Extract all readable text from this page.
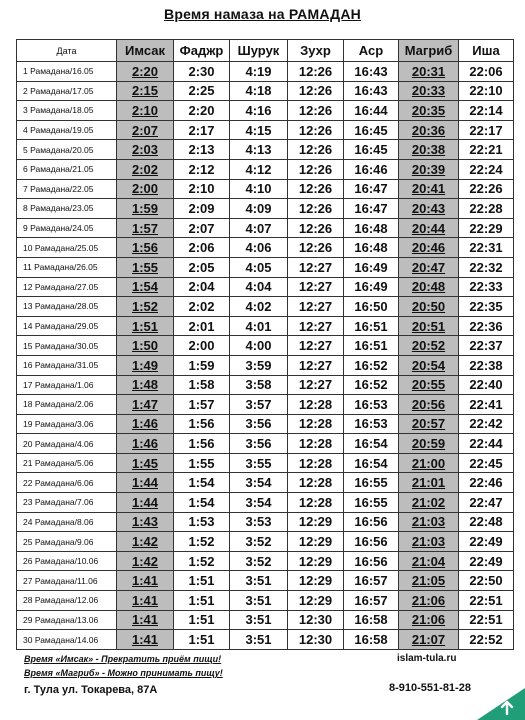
Время намаза на РАМАДАН
Дата	Имсак	Фаджр	Шурук	Зухр	Аср	Магриб	Иша
1 Рамадана/16.05	2:20	2:30	4:19	12:26	16:43	20:31	22:06
2 Рамадана/17.05	2:15	2:25	4:18	12:26	16:43	20:33	22:10
3 Рамадана/18.05	2:10	2:20	4:16	12:26	16:44	20:35	22:14
4 Рамадана/19.05	2:07	2:17	4:15	12:26	16:45	20:36	22:17
5 Рамадана/20.05	2:03	2:13	4:13	12:26	16:45	20:38	22:21
6 Рамадана/21.05	2:02	2:12	4:12	12:26	16:46	20:39	22:24
7 Рамадана/22.05	2:00	2:10	4:10	12:26	16:47	20:41	22:26
8 Рамадана/23.05	1:59	2:09	4:09	12:26	16:47	20:43	22:28
9 Рамадана/24.05	1:57	2:07	4:07	12:26	16:48	20:44	22:29
10 Рамадана/25.05	1:56	2:06	4:06	12:26	16:48	20:46	22:31
11 Рамадана/26.05	1:55	2:05	4:05	12:27	16:49	20:47	22:32
12 Рамадана/27.05	1:54	2:04	4:04	12:27	16:49	20:48	22:33
13 Рамадана/28.05	1:52	2:02	4:02	12:27	16:50	20:50	22:35
14 Рамадана/29.05	1:51	2:01	4:01	12:27	16:51	20:51	22:36
15 Рамадана/30.05	1:50	2:00	4:00	12:27	16:51	20:52	22:37
16 Рамадана/31.05	1:49	1:59	3:59	12:27	16:52	20:54	22:38
17 Рамадана/1.06	1:48	1:58	3:58	12:27	16:52	20:55	22:40
18 Рамадана/2.06	1:47	1:57	3:57	12:28	16:53	20:56	22:41
19 Рамадана/3.06	1:46	1:56	3:56	12:28	16:53	20:57	22:42
20 Рамадана/4.06	1:46	1:56	3:56	12:28	16:54	20:59	22:44
21 Рамадана/5.06	1:45	1:55	3:55	12:28	16:54	21:00	22:45
22 Рамадана/6.06	1:44	1:54	3:54	12:28	16:55	21:01	22:46
23 Рамадана/7.06	1:44	1:54	3:54	12:28	16:55	21:02	22:47
24 Рамадана/8.06	1:43	1:53	3:53	12:29	16:56	21:03	22:48
25 Рамадана/9.06	1:42	1:52	3:52	12:29	16:56	21:03	22:49
26 Рамадана/10.06	1:42	1:52	3:52	12:29	16:56	21:04	22:49
27 Рамадана/11.06	1:41	1:51	3:51	12:29	16:57	21:05	22:50
28 Рамадана/12.06	1:41	1:51	3:51	12:29	16:57	21:06	22:51
29 Рамадана/13.06	1:41	1:51	3:51	12:30	16:58	21:06	22:51
30 Рамадана/14.06	1:41	1:51	3:51	12:30	16:58	21:07	22:52
Время «Имсак» - Прекратить приём пищи!
Время «Магриб» - Можно принимать пищу!
г. Тула ул. Токарева, 87А
islam-tula.ru
8-910-551-81-28
